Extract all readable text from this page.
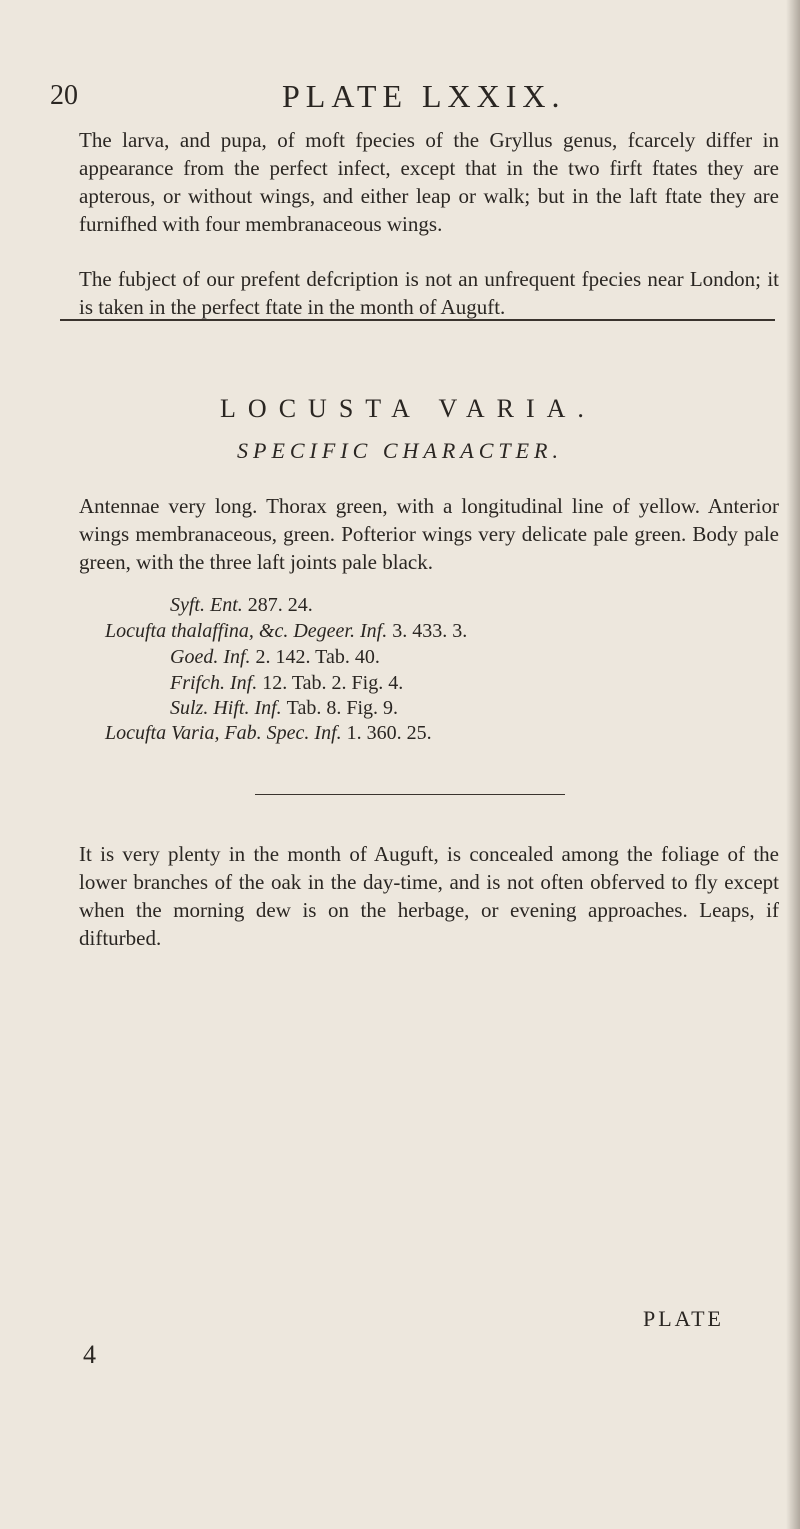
20	PLATE LXXIX.

The larva, and pupa, of moft fpecies of the Gryllus genus, fcarcely differ in appearance from the perfect infect, except that in the two firft ftates they are apterous, or without wings, and either leap or walk; but in the laft ftate they are furnifhed with four membranaceous wings.

The fubject of our prefent defcription is not an unfrequent fpecies near London; it is taken in the perfect ftate in the month of Auguft.

LOCUSTA VARIA.
SPECIFIC CHARACTER.

Antennae very long. Thorax green, with a longitudinal line of yellow. Anterior wings membranaceous, green. Pofterior wings very delicate pale green. Body pale green, with the three laft joints pale black.

Syft. Ent. 287. 24.
Locufta thalaffina, &c. Degeer. Inf. 3. 433. 3.
Goed. Inf. 2. 142. Tab. 40.
Frifch. Inf. 12. Tab. 2. Fig. 4.
Sulz. Hift. Inf. Tab. 8. Fig. 9.
Locufta Varia, Fab. Spec. Inf. 1. 360. 25.

It is very plenty in the month of Auguft, is concealed among the foliage of the lower branches of the oak in the day-time, and is not often obferved to fly except when the morning dew is on the herbage, or evening approaches. Leaps, if difturbed.

4
PLATE
